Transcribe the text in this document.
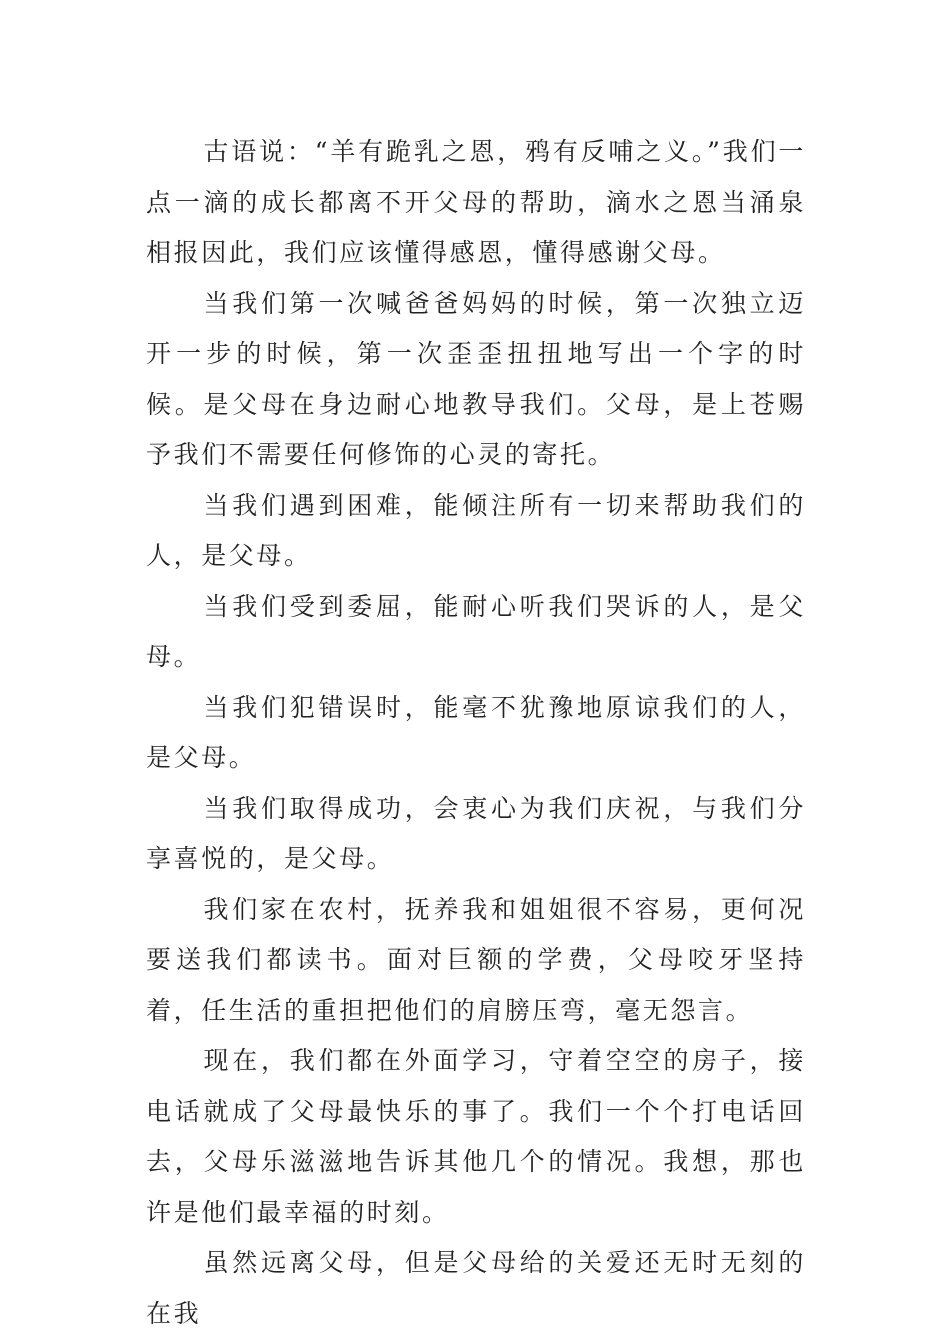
古语说：“羊有跪乳之恩，鸦有反哺之义。”我们一点一滴的成长都离不开父母的帮助，滴水之恩当涌泉相报因此，我们应该懂得感恩，懂得感谢父母。

当我们第一次喊爸爸妈妈的时候，第一次独立迈开一步的时候，第一次歪歪扭扭地写出一个字的时候。是父母在身边耐心地教导我们。父母，是上苍赐予我们不需要任何修饰的心灵的寄托。

当我们遇到困难，能倾注所有一切来帮助我们的人，是父母。

当我们受到委屈，能耐心听我们哭诉的人，是父母。

当我们犯错误时，能毫不犹豫地原谅我们的人，是父母。

当我们取得成功，会衷心为我们庆祝，与我们分享喜悦的，是父母。

我们家在农村，抚养我和姐姐很不容易，更何况要送我们都读书。面对巨额的学费，父母咬牙坚持着，任生活的重担把他们的肩膀压弯，毫无怨言。

现在，我们都在外面学习，守着空空的房子，接电话就成了父母最快乐的事了。我们一个个打电话回去，父母乐滋滋地告诉其他几个的情况。我想，那也许是他们最幸福的时刻。

虽然远离父母，但是父母给的关爱还无时无刻的在我
